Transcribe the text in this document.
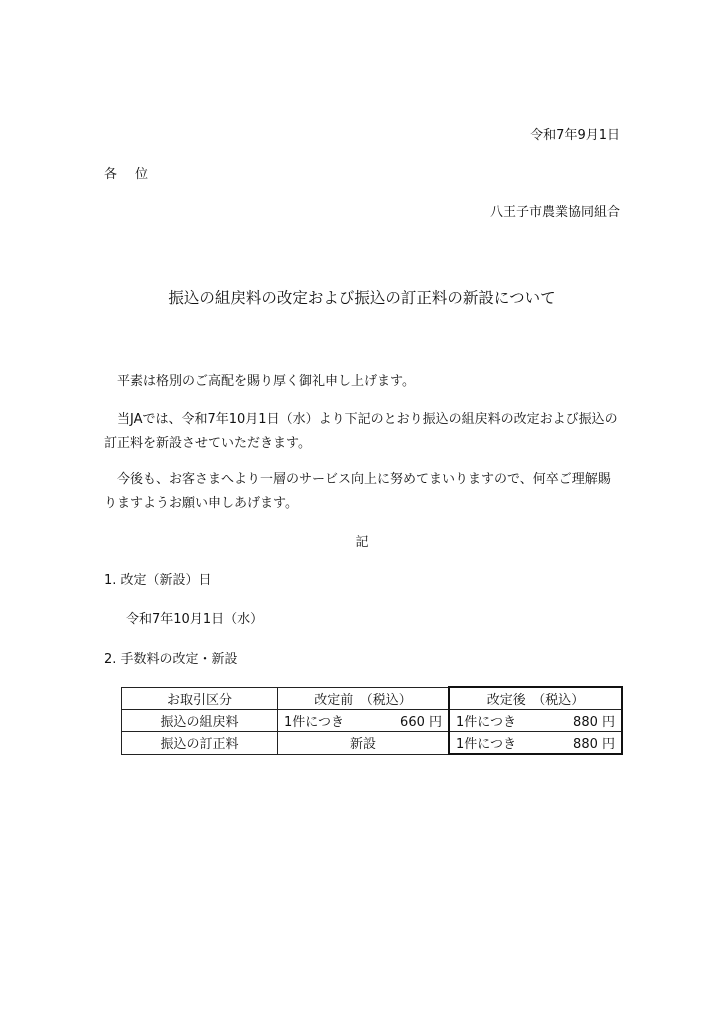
令和7年9月1日
各位
八王子市農業協同組合
振込の組戻料の改定および振込の訂正料の新設について
　平素は格別のご高配を賜り厚く御礼申し上げます。
　当JAでは、令和7年10月1日（水）より下記のとおり振込の組戻料の改定および振込の訂正料を新設させていただきます。
　今後も、お客さまへより一層のサービス向上に努めてまいりますので、何卒ご理解賜りますようお願い申しあげます。
記
1. 改定（新設）日
令和7年10月1日（水）
2. 手数料の改定・新設
お取引区分	改定前　（税込）	改定後　（税込）
振込の組戻料	1件につき 660 円	1件につき 880 円

振込の訂正料	新設	1件につき 880 円
